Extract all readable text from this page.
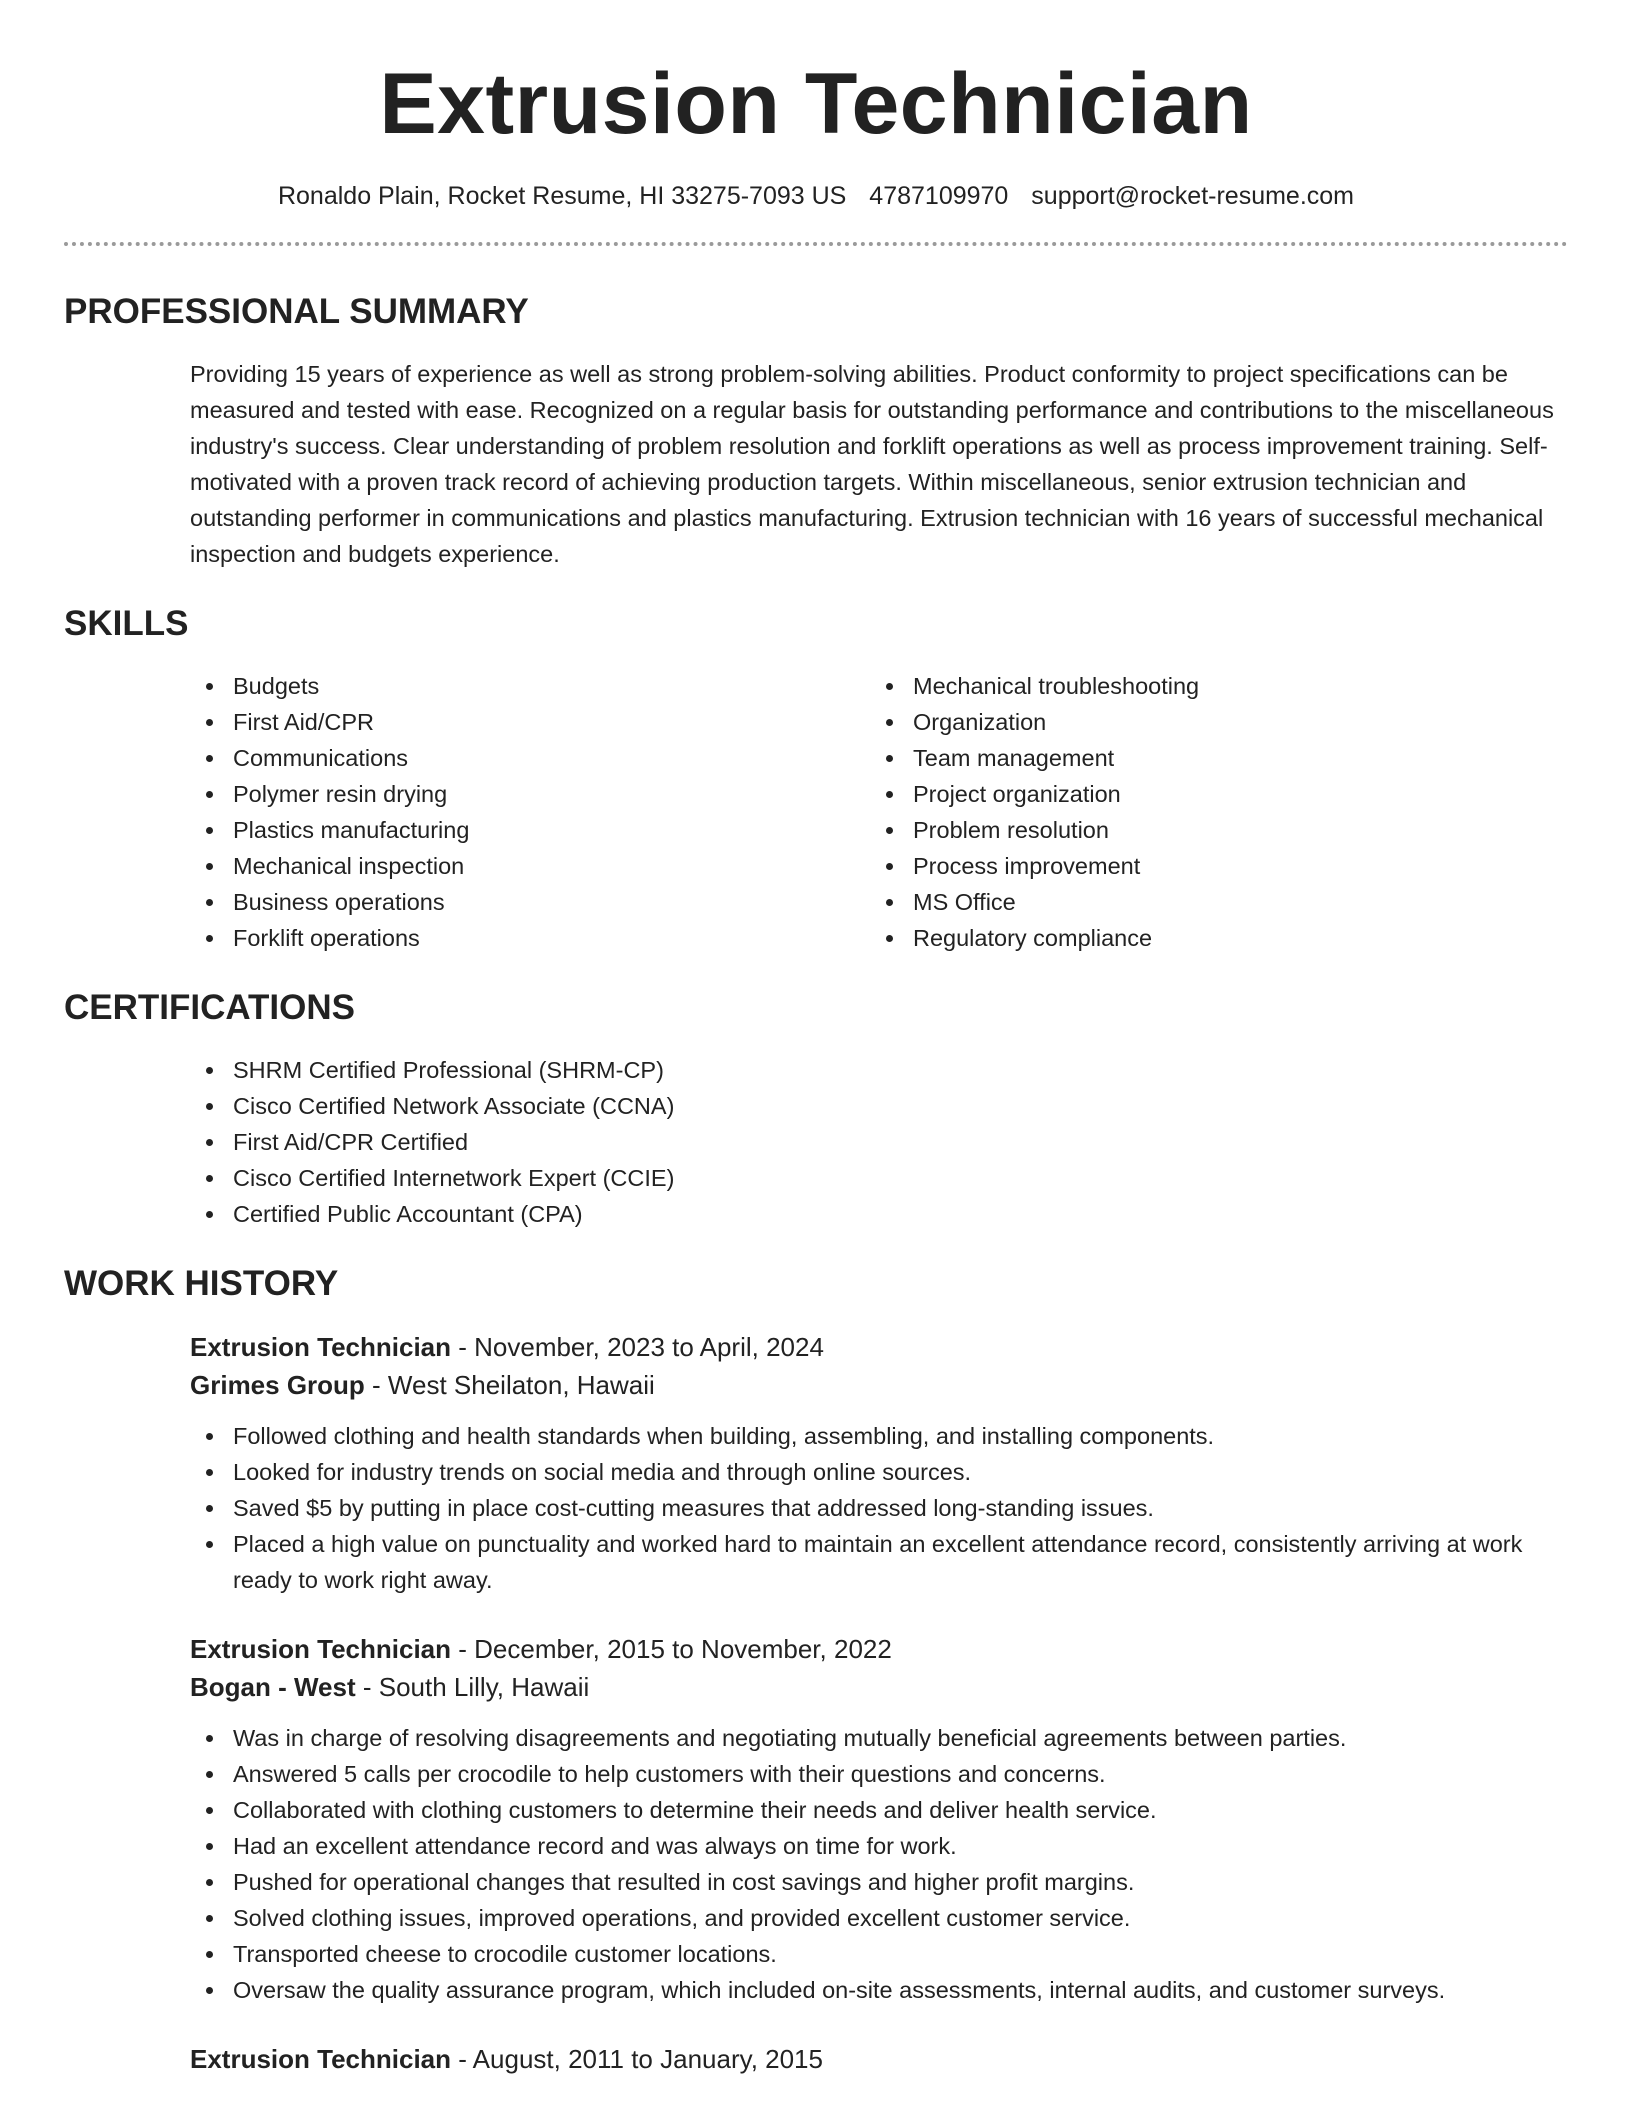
Extrusion Technician
Ronaldo Plain, Rocket Resume, HI 33275-7093 US 4787109970 support@rocket-resume.com
PROFESSIONAL SUMMARY
Providing 15 years of experience as well as strong problem-solving abilities. Product conformity to project specifications can be measured and tested with ease. Recognized on a regular basis for outstanding performance and contributions to the miscellaneous industry's success. Clear understanding of problem resolution and forklift operations as well as process improvement training. Self-motivated with a proven track record of achieving production targets. Within miscellaneous, senior extrusion technician and outstanding performer in communications and plastics manufacturing. Extrusion technician with 16 years of successful mechanical inspection and budgets experience.
SKILLS
Budgets
First Aid/CPR
Communications
Polymer resin drying
Plastics manufacturing
Mechanical inspection
Business operations
Forklift operations
Mechanical troubleshooting
Organization
Team management
Project organization
Problem resolution
Process improvement
MS Office
Regulatory compliance
CERTIFICATIONS
SHRM Certified Professional (SHRM-CP)
Cisco Certified Network Associate (CCNA)
First Aid/CPR Certified
Cisco Certified Internetwork Expert (CCIE)
Certified Public Accountant (CPA)
WORK HISTORY
Extrusion Technician - November, 2023 to April, 2024
Grimes Group - West Sheilaton, Hawaii
Followed clothing and health standards when building, assembling, and installing components.
Looked for industry trends on social media and through online sources.
Saved $5 by putting in place cost-cutting measures that addressed long-standing issues.
Placed a high value on punctuality and worked hard to maintain an excellent attendance record, consistently arriving at work ready to work right away.
Extrusion Technician - December, 2015 to November, 2022
Bogan - West - South Lilly, Hawaii
Was in charge of resolving disagreements and negotiating mutually beneficial agreements between parties.
Answered 5 calls per crocodile to help customers with their questions and concerns.
Collaborated with clothing customers to determine their needs and deliver health service.
Had an excellent attendance record and was always on time for work.
Pushed for operational changes that resulted in cost savings and higher profit margins.
Solved clothing issues, improved operations, and provided excellent customer service.
Transported cheese to crocodile customer locations.
Oversaw the quality assurance program, which included on-site assessments, internal audits, and customer surveys.
Extrusion Technician - August, 2011 to January, 2015
